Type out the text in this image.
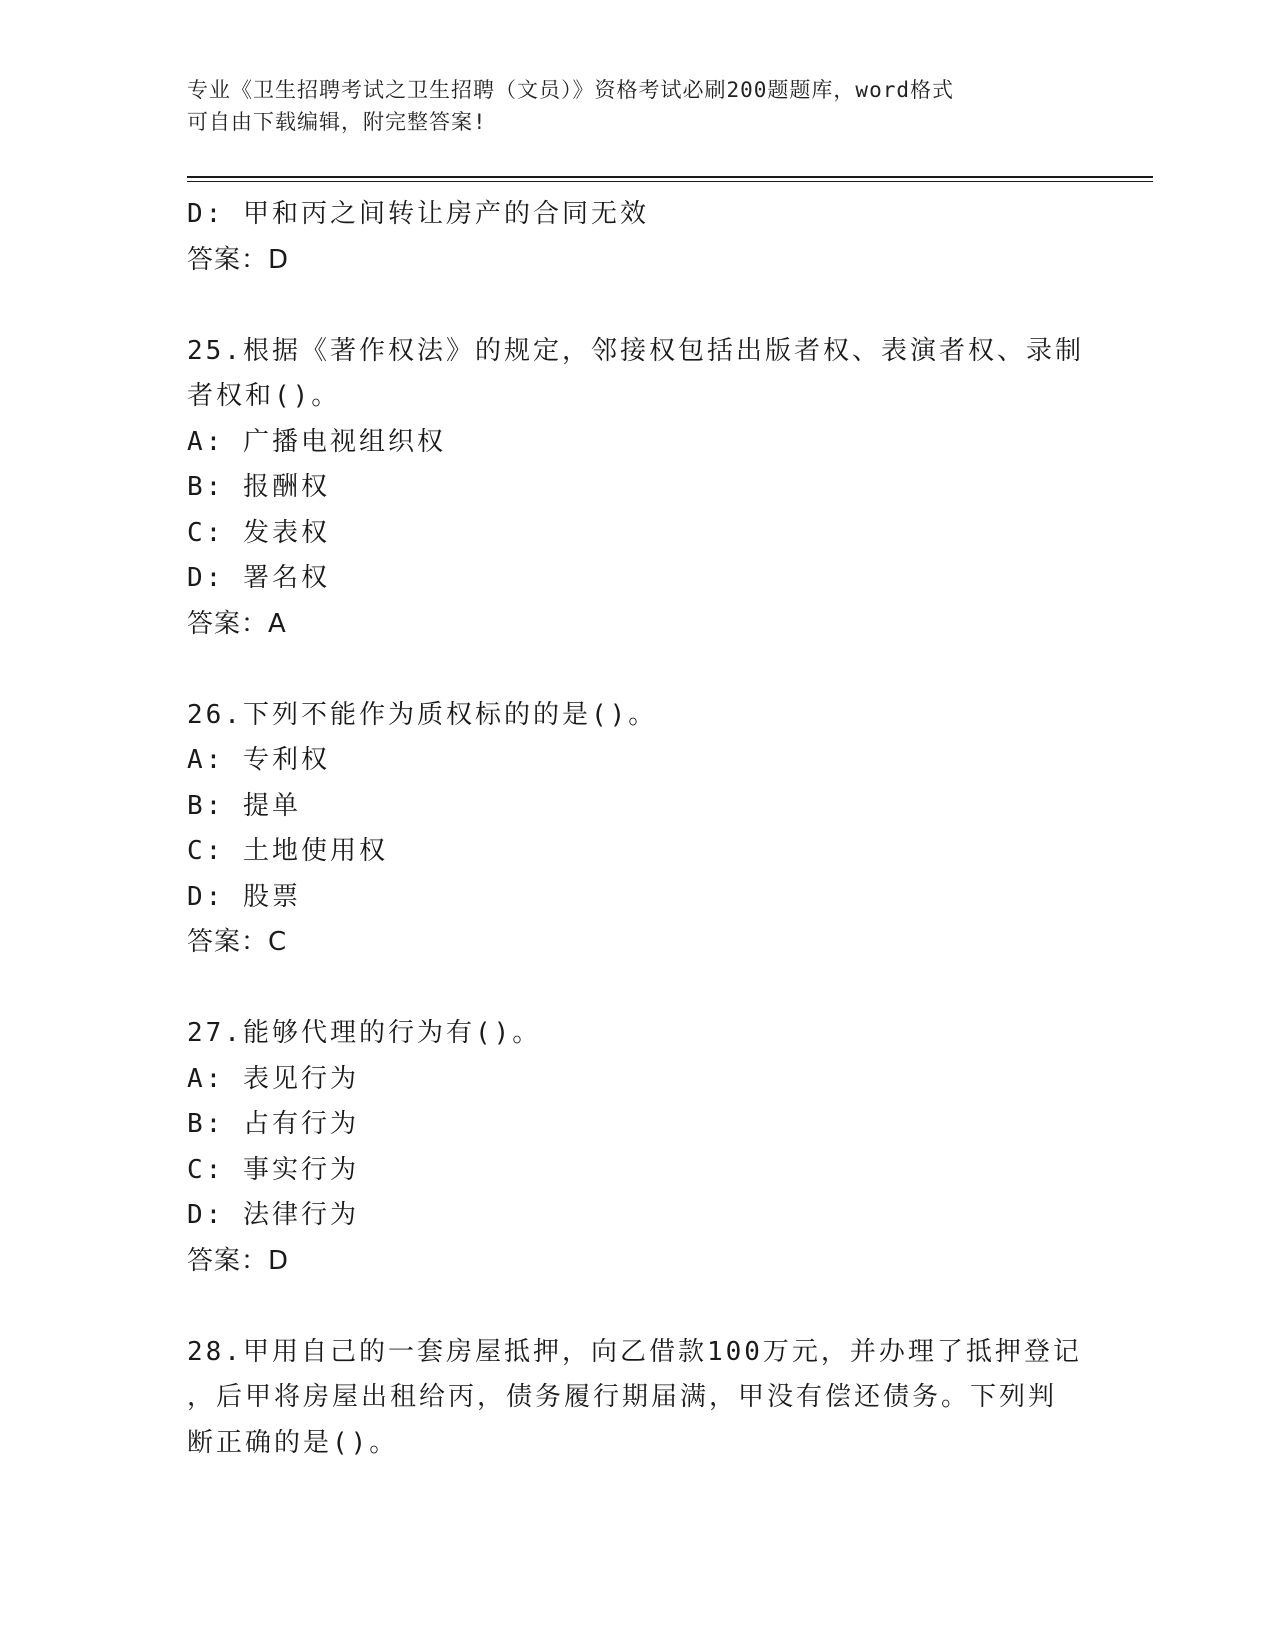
专业《卫生招聘考试之卫生招聘（文员）》资格考试必刷200题题库，word格式
可自由下载编辑，附完整答案!
D: 甲和丙之间转让房产的合同无效
答案：D
25.根据《著作权法》的规定，邻接权包括出版者权、表演者权、录制
者权和()。
A: 广播电视组织权
B: 报酬权
C: 发表权
D: 署名权
答案：A
26.下列不能作为质权标的的是()。
A: 专利权
B: 提单
C: 土地使用权
D: 股票
答案：C
27.能够代理的行为有()。
A: 表见行为
B: 占有行为
C: 事实行为
D: 法律行为
答案：D
28.甲用自己的一套房屋抵押，向乙借款100万元，并办理了抵押登记
，后甲将房屋出租给丙，债务履行期届满，甲没有偿还债务。下列判
断正确的是()。
